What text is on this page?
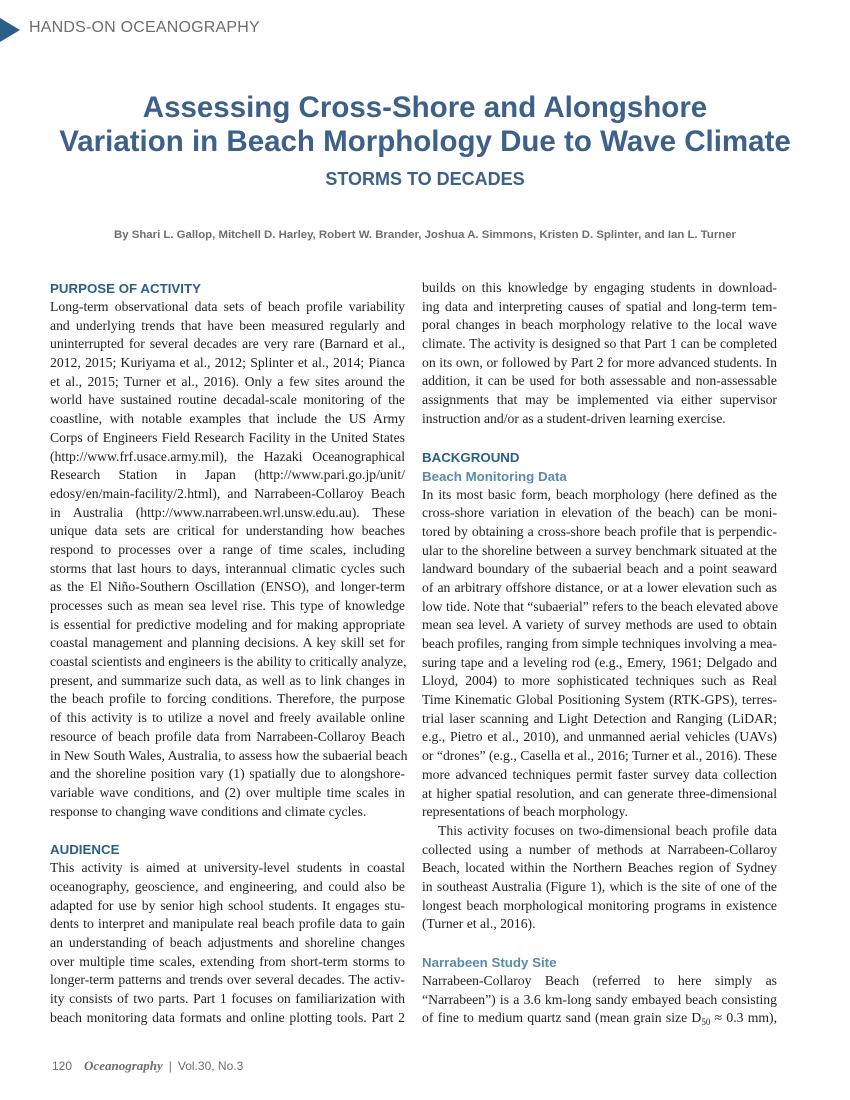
HANDS-ON OCEANOGRAPHY
Assessing Cross-Shore and Alongshore
Variation in Beach Morphology Due to Wave Climate
STORMS TO DECADES
By Shari L. Gallop, Mitchell D. Harley, Robert W. Brander, Joshua A. Simmons, Kristen D. Splinter, and Ian L. Turner
PURPOSE OF ACTIVITY
Long-term observational data sets of beach profile variability
and underlying trends that have been measured regularly and
uninterrupted for several decades are very rare (Barnard et al.,
2012, 2015; Kuriyama et al., 2012; Splinter et al., 2014; Pianca
et al., 2015; Turner et al., 2016). Only a few sites around the
world have sustained routine decadal-scale monitoring of the
coastline, with notable examples that include the US Army
Corps of Engineers Field Research Facility in the United States
(http://www.frf.usace.army.mil), the Hazaki Oceanographical
Research Station in Japan (http://www.pari.go.jp/unit/
edosy/en/main-facility/2.html), and Narrabeen-Collaroy Beach
in Australia (http://www.narrabeen.wrl.unsw.edu.au). These
unique data sets are critical for understanding how beaches
respond to processes over a range of time scales, including
storms that last hours to days, interannual climatic cycles such
as the El Niño-Southern Oscillation (ENSO), and longer-term
processes such as mean sea level rise. This type of knowledge
is essential for predictive modeling and for making appropriate
coastal management and planning decisions. A key skill set for
coastal scientists and engineers is the ability to critically analyze,
present, and summarize such data, as well as to link changes in
the beach profile to forcing conditions. Therefore, the purpose
of this activity is to utilize a novel and freely available online
resource of beach profile data from Narrabeen-Collaroy Beach
in New South Wales, Australia, to assess how the subaerial beach
and the shoreline position vary (1) spatially due to alongshore-
variable wave conditions, and (2) over multiple time scales in
response to changing wave conditions and climate cycles.
AUDIENCE
This activity is aimed at university-level students in coastal
oceanography, geoscience, and engineering, and could also be
adapted for use by senior high school students. It engages stu-
dents to interpret and manipulate real beach profile data to gain
an understanding of beach adjustments and shoreline changes
over multiple time scales, extending from short-term storms to
longer-term patterns and trends over several decades. The activ-
ity consists of two parts. Part 1 focuses on familiarization with
beach monitoring data formats and online plotting tools. Part 2
builds on this knowledge by engaging students in download-
ing data and interpreting causes of spatial and long-term tem-
poral changes in beach morphology relative to the local wave
climate. The activity is designed so that Part 1 can be completed
on its own, or followed by Part 2 for more advanced students. In
addition, it can be used for both assessable and non-assessable
assignments that may be implemented via either supervisor
instruction and/or as a student-driven learning exercise.
BACKGROUND
Beach Monitoring Data
In its most basic form, beach morphology (here defined as the
cross-shore variation in elevation of the beach) can be moni-
tored by obtaining a cross-shore beach profile that is perpendic-
ular to the shoreline between a survey benchmark situated at the
landward boundary of the subaerial beach and a point seaward
of an arbitrary offshore distance, or at a lower elevation such as
low tide. Note that “subaerial” refers to the beach elevated above
mean sea level. A variety of survey methods are used to obtain
beach profiles, ranging from simple techniques involving a mea-
suring tape and a leveling rod (e.g., Emery, 1961; Delgado and
Lloyd, 2004) to more sophisticated techniques such as Real
Time Kinematic Global Positioning System (RTK-GPS), terres-
trial laser scanning and Light Detection and Ranging (LiDAR;
e.g., Pietro et al., 2010), and unmanned aerial vehicles (UAVs)
or “drones” (e.g., Casella et al., 2016; Turner et al., 2016). These
more advanced techniques permit faster survey data collection
at higher spatial resolution, and can generate three-dimensional
representations of beach morphology.
This activity focuses on two-dimensional beach profile data
collected using a number of methods at Narrabeen-Collaroy
Beach, located within the Northern Beaches region of Sydney
in southeast Australia (Figure 1), which is the site of one of the
longest beach morphological monitoring programs in existence
(Turner et al., 2016).
Narrabeen Study Site
Narrabeen-Collaroy Beach (referred to here simply as
“Narrabeen”) is a 3.6 km-long sandy embayed beach consisting
of fine to medium quartz sand (mean grain size $D_{50} \approx 0.3$ mm),
120 Oceanography | Vol.30, No.3
